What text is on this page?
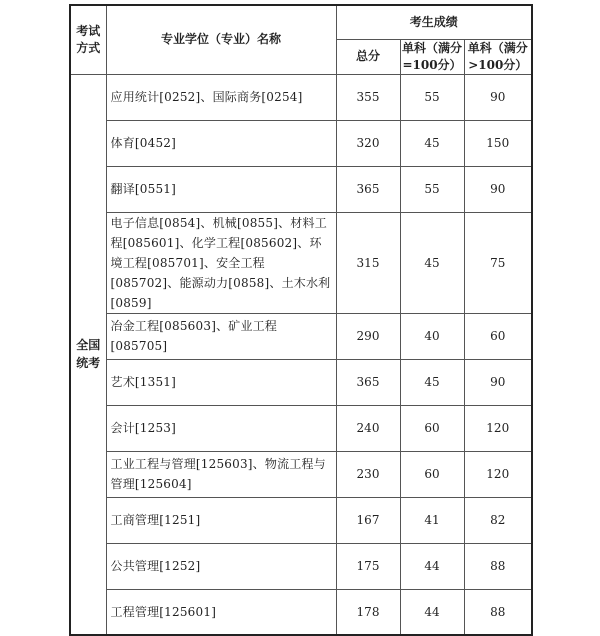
考试方式	专业学位（专业）名称	考生成绩		
		总分	单科（满分=100分）	单科（满分>100分）
全国统考	应用统计[0252]、国际商务[0254]	355	55	90
	体育[0452]	320	45	150
	翻译[0551]	365	55	90
	电子信息[0854]、机械[0855]、材料工程[085601]、化学工程[085602]、环境工程[085701]、安全工程[085702]、能源动力[0858]、土木水利[0859]	315	45	75
	冶金工程[085603]、矿业工程[085705]	290	40	60
	艺术[1351]	365	45	90
	会计[1253]	240	60	120
	工业工程与管理[125603]、物流工程与管理[125604]	230	60	120
	工商管理[1251]	167	41	82
	公共管理[1252]	175	44	88
	工程管理[125601]	178	44	88
